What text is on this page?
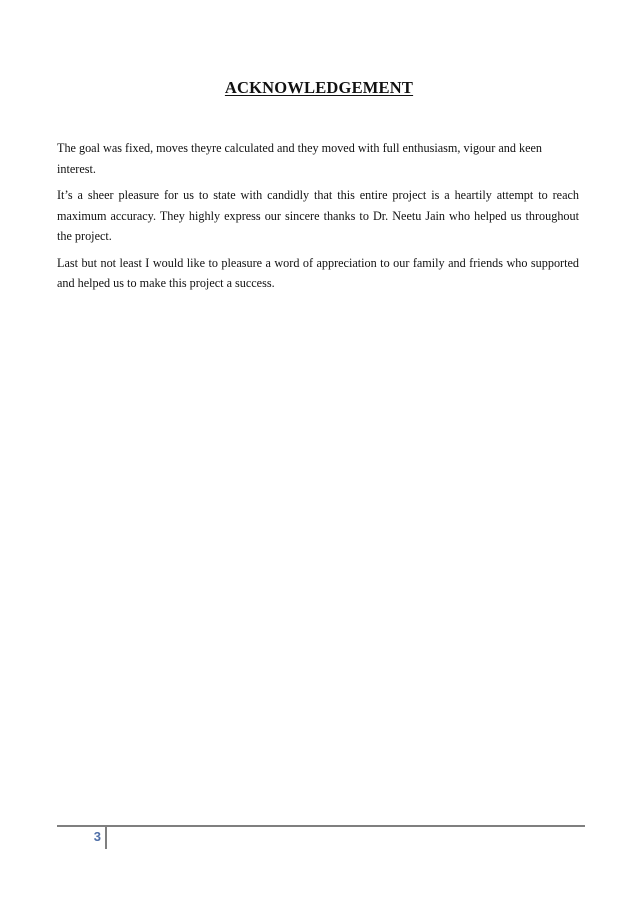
ACKNOWLEDGEMENT

The goal was fixed, moves theyre calculated and they moved with full enthusiasm, vigour and keen interest.

It’s a sheer pleasure for us to state with candidly that this entire project is a heartily attempt to reach maximum accuracy. They highly express our sincere thanks to Dr. Neetu Jain who helped us throughout the project.

Last but not least I would like to pleasure a word of appreciation to our family and friends who supported and helped us to make this project a success.

3
